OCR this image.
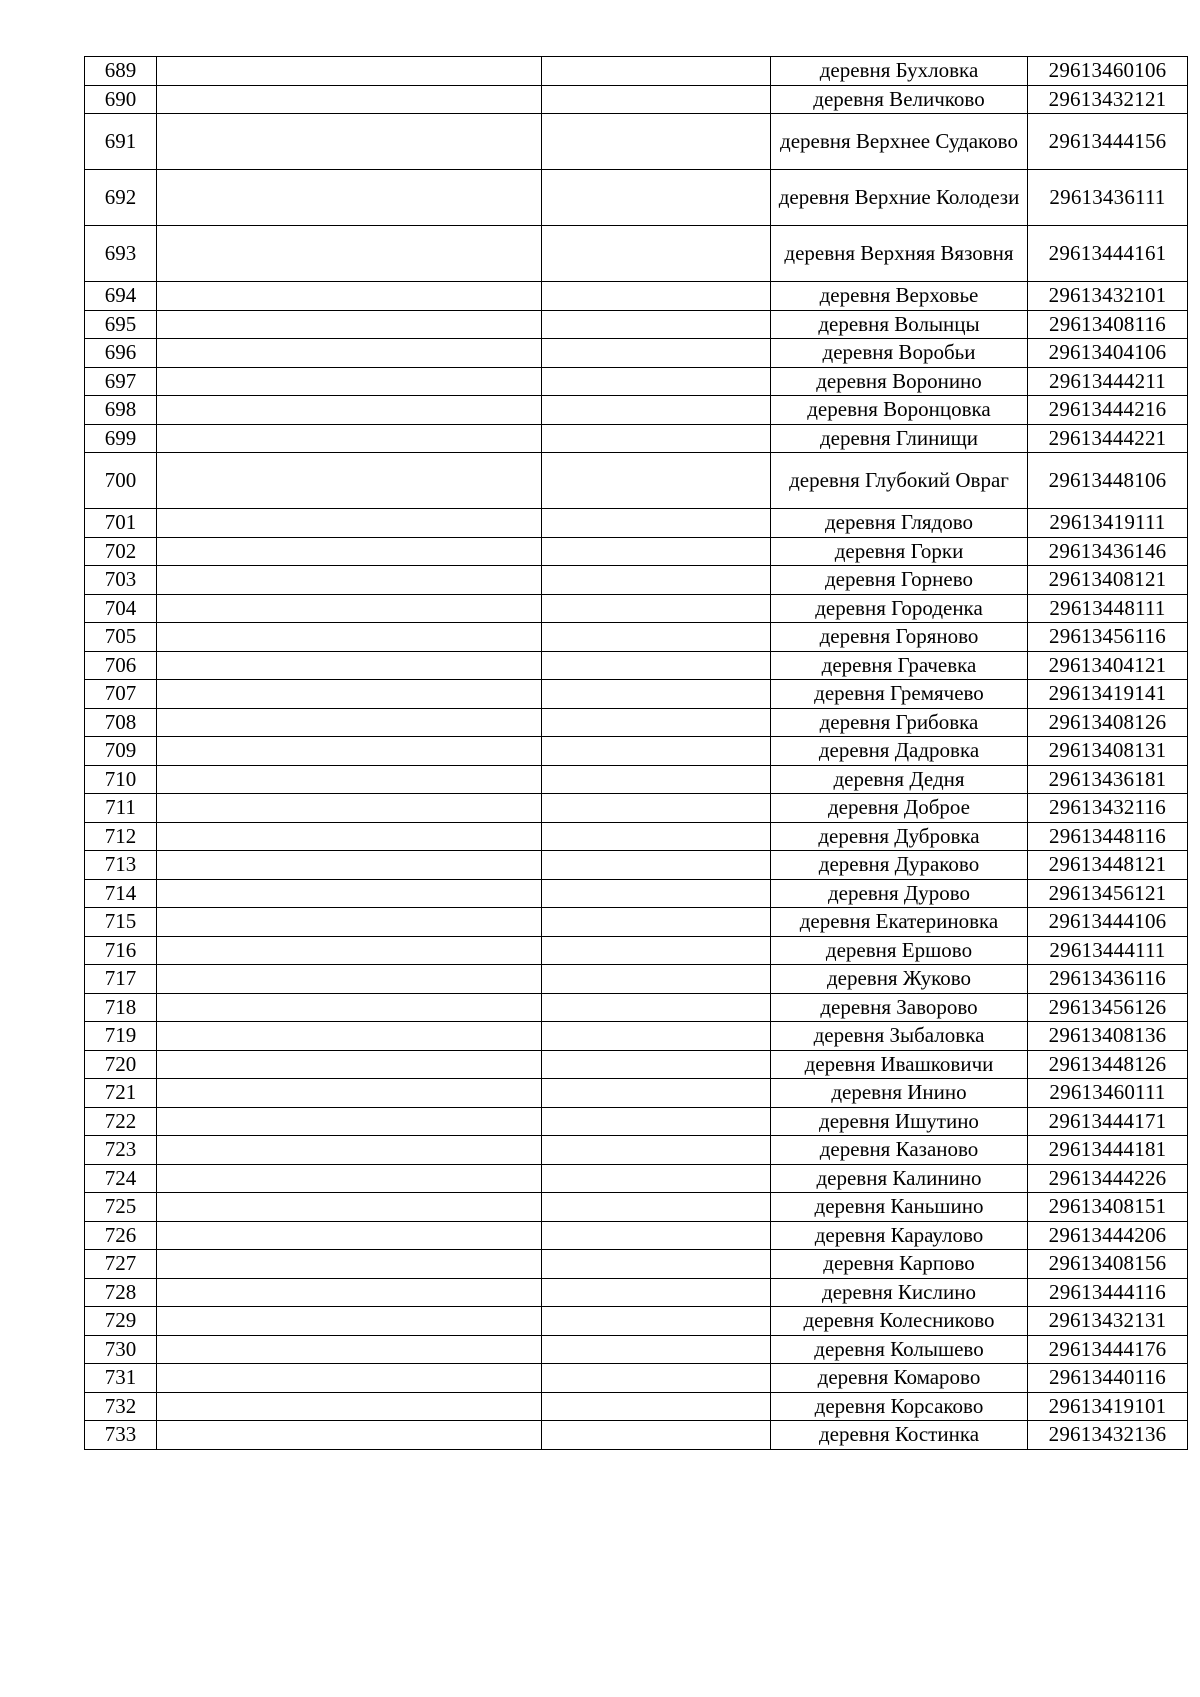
689			деревня Бухловка	29613460106
690			деревня Величково	29613432121
691			деревня Верхнее Судаково	29613444156
692			деревня Верхние Колодези	29613436111
693			деревня Верхняя Вязовня	29613444161
694			деревня Верховье	29613432101
695			деревня Волынцы	29613408116
696			деревня Воробьи	29613404106
697			деревня Воронино	29613444211
698			деревня Воронцовка	29613444216
699			деревня Глинищи	29613444221
700			деревня Глубокий Овраг	29613448106
701			деревня Глядово	29613419111
702			деревня Горки	29613436146
703			деревня Горнево	29613408121
704			деревня Городенка	29613448111
705			деревня Горяново	29613456116
706			деревня Грачевка	29613404121
707			деревня Гремячево	29613419141
708			деревня Грибовка	29613408126
709			деревня Дадровка	29613408131
710			деревня Дедня	29613436181
711			деревня Доброе	29613432116
712			деревня Дубровка	29613448116
713			деревня Дураково	29613448121
714			деревня Дурово	29613456121
715			деревня Екатериновка	29613444106
716			деревня Ершово	29613444111
717			деревня Жуково	29613436116
718			деревня Заворово	29613456126
719			деревня Зыбаловка	29613408136
720			деревня Ивашковичи	29613448126
721			деревня Инино	29613460111
722			деревня Ишутино	29613444171
723			деревня Казаново	29613444181
724			деревня Калинино	29613444226
725			деревня Каньшино	29613408151
726			деревня Караулово	29613444206
727			деревня Карпово	29613408156
728			деревня Кислино	29613444116
729			деревня Колесниково	29613432131
730			деревня Колышево	29613444176
731			деревня Комарово	29613440116
732			деревня Корсаково	29613419101
733			деревня Костинка	29613432136
